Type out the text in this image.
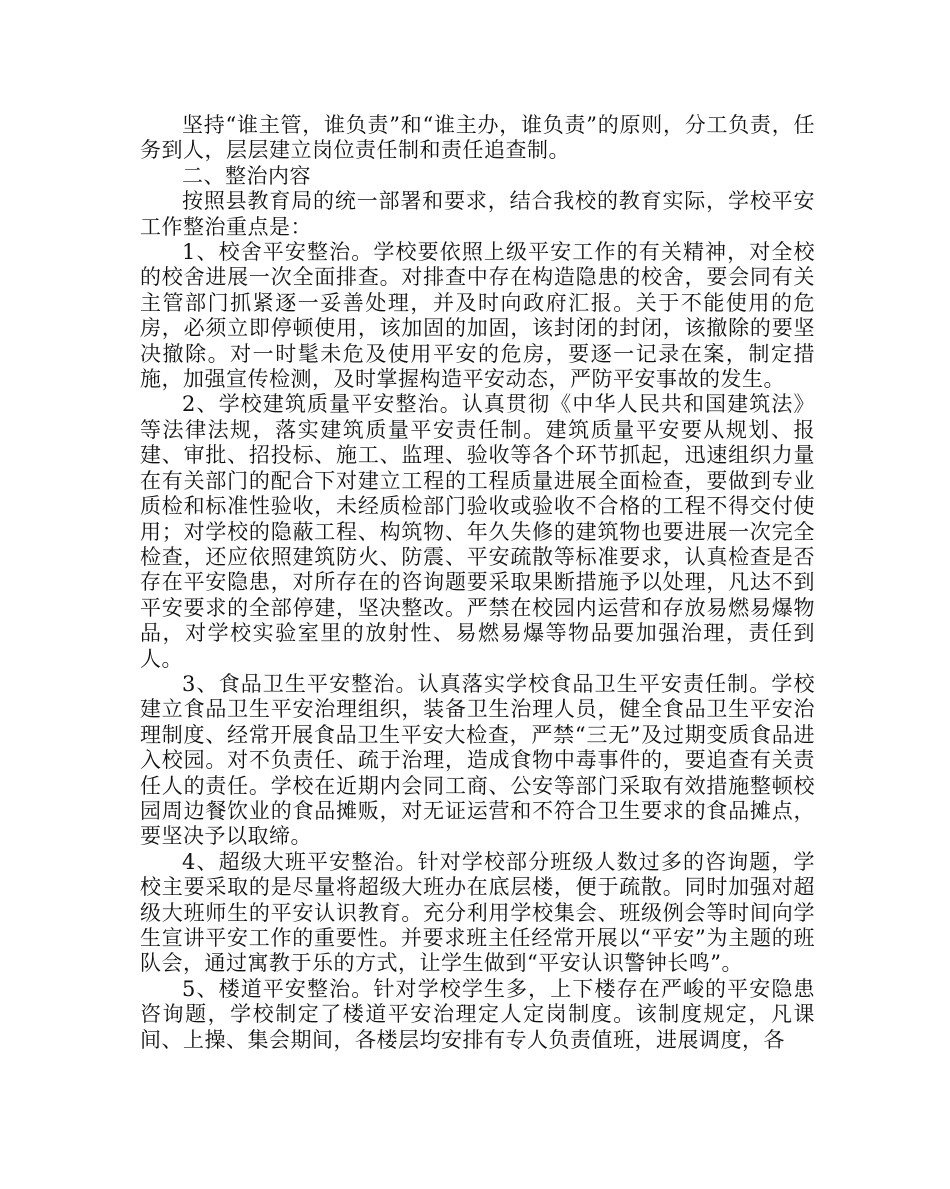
坚持“谁主管，谁负责”和“谁主办，谁负责”的原则，分工负责，任务到人，层层建立岗位责任制和责任追查制。

二、整治内容

按照县教育局的统一部署和要求，结合我校的教育实际，学校平安工作整治重点是：

1、校舍平安整治。学校要依照上级平安工作的有关精神，对全校的校舍进展一次全面排查。对排查中存在构造隐患的校舍，要会同有关主管部门抓紧逐一妥善处理，并及时向政府汇报。关于不能使用的危房，必须立即停顿使用，该加固的加固，该封闭的封闭，该撤除的要坚决撤除。对一时髦未危及使用平安的危房，要逐一记录在案，制定措施，加强宣传检测，及时掌握构造平安动态，严防平安事故的发生。

2、学校建筑质量平安整治。认真贯彻《中华人民共和国建筑法》等法律法规，落实建筑质量平安责任制。建筑质量平安要从规划、报建、审批、招投标、施工、监理、验收等各个环节抓起，迅速组织力量在有关部门的配合下对建立工程的工程质量进展全面检查，要做到专业质检和标准性验收，未经质检部门验收或验收不合格的工程不得交付使用；对学校的隐蔽工程、构筑物、年久失修的建筑物也要进展一次完全检查，还应依照建筑防火、防震、平安疏散等标准要求，认真检查是否存在平安隐患，对所存在的咨询题要采取果断措施予以处理，凡达不到平安要求的全部停建，坚决整改。严禁在校园内运营和存放易燃易爆物品，对学校实验室里的放射性、易燃易爆等物品要加强治理，责任到人。

3、食品卫生平安整治。认真落实学校食品卫生平安责任制。学校建立食品卫生平安治理组织，装备卫生治理人员，健全食品卫生平安治理制度、经常开展食品卫生平安大检查，严禁“三无”及过期变质食品进入校园。对不负责任、疏于治理，造成食物中毒事件的，要追查有关责任人的责任。学校在近期内会同工商、公安等部门采取有效措施整顿校园周边餐饮业的食品摊贩，对无证运营和不符合卫生要求的食品摊点，要坚决予以取缔。

4、超级大班平安整治。针对学校部分班级人数过多的咨询题，学校主要采取的是尽量将超级大班办在底层楼，便于疏散。同时加强对超级大班师生的平安认识教育。充分利用学校集会、班级例会等时间向学生宣讲平安工作的重要性。并要求班主任经常开展以“平安”为主题的班队会，通过寓教于乐的方式，让学生做到“平安认识警钟长鸣”。

5、楼道平安整治。针对学校学生多，上下楼存在严峻的平安隐患咨询题，学校制定了楼道平安治理定人定岗制度。该制度规定，凡课间、上操、集会期间，各楼层均安排有专人负责值班，进展调度，各
